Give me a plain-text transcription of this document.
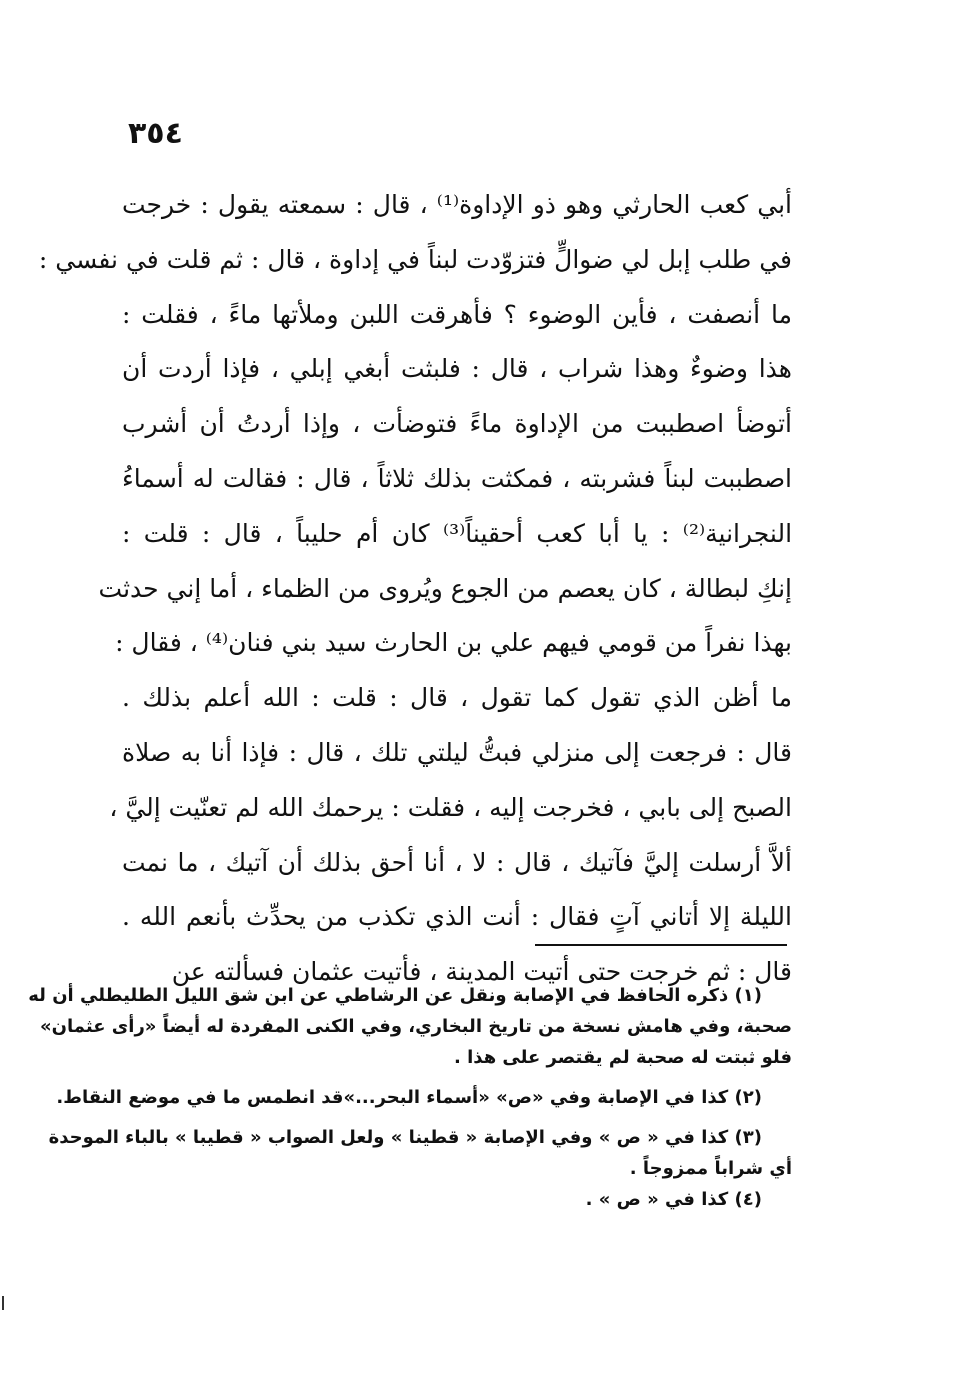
٣٥٤
أبي كعب الحارثي وهو ذو الإداوة⁽¹⁾ ، قال : سمعته يقول : خرجت
في طلب إبل لي ضوالٍّ فتزوّدت لبناً في إداوة ، قال : ثم قلت في نفسي :
ما أنصفت ، فأين الوضوء ؟ فأهرقت اللبن وملأتها ماءً ، فقلت :
هذا وضوءٌ وهذا شراب ، قال : فلبثت أبغي إبلي ، فإذا أردت أن
أتوضأ اصطببت من الإداوة ماءً فتوضأت ، وإذا أردتُ أن أشرب
اصطببت لبناً فشربته ، فمكثت بذلك ثلاثاً ، قال : فقالت له أسماءُ
النجرانية⁽²⁾ : يا أبا كعب أحقيناً⁽³⁾ كان أم حليباً ، قال : قلت :
إنكِ لبطالة ، كان يعصم من الجوع ويُروى من الظماء ، أما إني حدثت
بهذا نفراً من قومي فيهم علي بن الحارث سيد بني فنان⁽⁴⁾ ، فقال :
ما أظن الذي تقول كما تقول ، قال : قلت : الله أعلم بذلك .
قال : فرجعت إلى منزلي فبتُّ ليلتي تلك ، قال : فإذا أنا به صلاة
الصبح إلى بابي ، فخرجت إليه ، فقلت : يرحمك الله لم تعنّيت إليَّ ،
ألاَّ أرسلت إليَّ فآتيك ، قال : لا ، أنا أحق بذلك أن آتيك ، ما نمت
الليلة إلا أتاني آتٍ فقال : أنت الذي تكذب من يحدِّث بأنعم الله .
قال : ثم خرجت حتى أتيت المدينة ، فأتيت عثمان فسألته عن
(١) ذكره الحافظ في الإصابة ونقل عن الرشاطي عن ابن شق الليل الطليطلي أن له
صحبة، وفي هامش نسخة من تاريخ البخاري، وفي الكنى المفردة له أيضاً «رأى عثمان»
فلو ثبتت له صحبة لم يقتصر على هذا .
(٢) كذا في الإصابة وفي «ص» «أسماء البحر...»قد انطمس ما في موضع النقاط.
(٣) كذا في « ص » وفي الإصابة « قطينا » ولعل الصواب « قطيبا » بالباء الموحدة
أي شراباً ممزوجاً .
(٤) كذا في « ص » .
